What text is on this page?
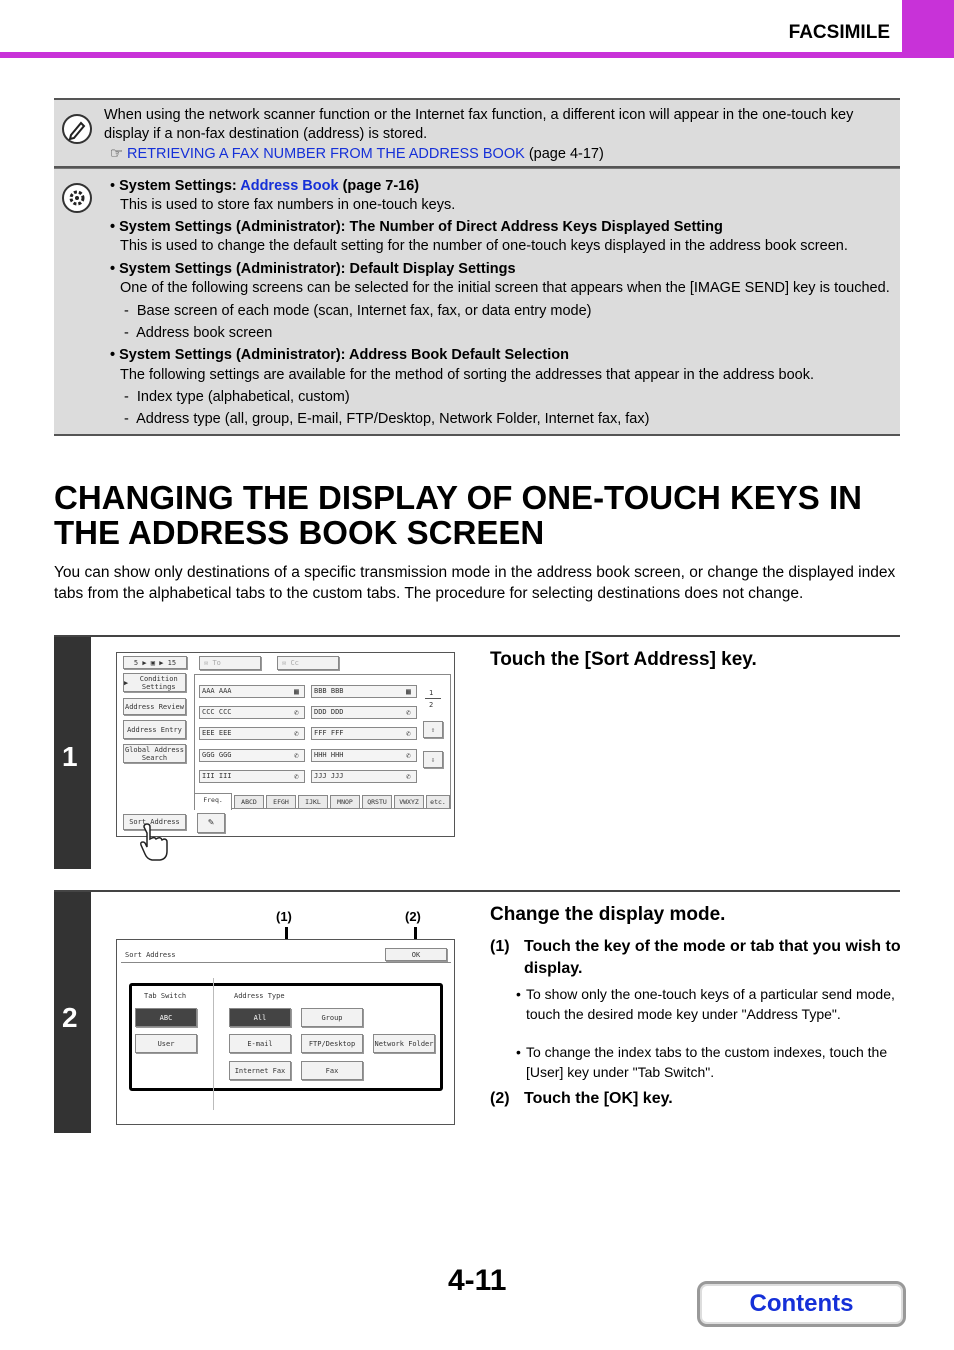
FACSIMILE
When using the network scanner function or the Internet fax function, a different icon will appear in the one-touch key display if a non-fax destination (address) is stored.
☞ RETRIEVING A FAX NUMBER FROM THE ADDRESS BOOK (page 4-17)
• System Settings: Address Book (page 7-16)
This is used to store fax numbers in one-touch keys.
• System Settings (Administrator): The Number of Direct Address Keys Displayed Setting
This is used to change the default setting for the number of one-touch keys displayed in the address book screen.
• System Settings (Administrator): Default Display Settings
One of the following screens can be selected for the initial screen that appears when the [IMAGE SEND] key is touched.
-  Base screen of each mode (scan, Internet fax, fax, or data entry mode)
-  Address book screen
• System Settings (Administrator): Address Book Default Selection
The following settings are available for the method of sorting the addresses that appear in the address book.
-  Index type (alphabetical, custom)
-  Address type (all, group, E-mail, FTP/Desktop, Network Folder, Internet fax, fax)
CHANGING THE DISPLAY OF ONE-TOUCH KEYS IN THE ADDRESS BOOK SCREEN
You can show only destinations of a specific transmission mode in the address book screen, or change the displayed index tabs from the alphabetical tabs to the custom tabs. The procedure for selecting destinations does not change.
1
Touch the [Sort Address] key.
5 ▶ ▣ ▶ 15	✉ To	✉ Cc
▶	Condition Settings
Address Review
Address Entry
Global Address Search
AAA AAA	▦	BBB BBB	▦
CCC CCC	✆	DDD DDD	✆
EEE EEE	✆	FFF FFF	✆
GGG GGG	✆	HHH HHH	✆
III III	✆	JJJ JJJ	✆
1
2
⇧
⇩
Freq.	ABCD	EFGH	IJKL	MNOP	QRSTU	VWXYZ	etc.
Sort Address	✎
2
Change the display mode.
(1) Touch the key of the mode or tab that you wish to display.
• To show only the one-touch keys of a particular send mode, touch the desired mode key under "Address Type".
• To change the index tabs to the custom indexes, touch the [User] key under "Tab Switch".
(2) Touch the [OK] key.
(1)	(2)
Sort Address	OK
Tab Switch	Address Type
ABC
User
All	Group
E-mail	FTP/Desktop	Network Folder
Internet Fax	Fax
4-11
Contents
